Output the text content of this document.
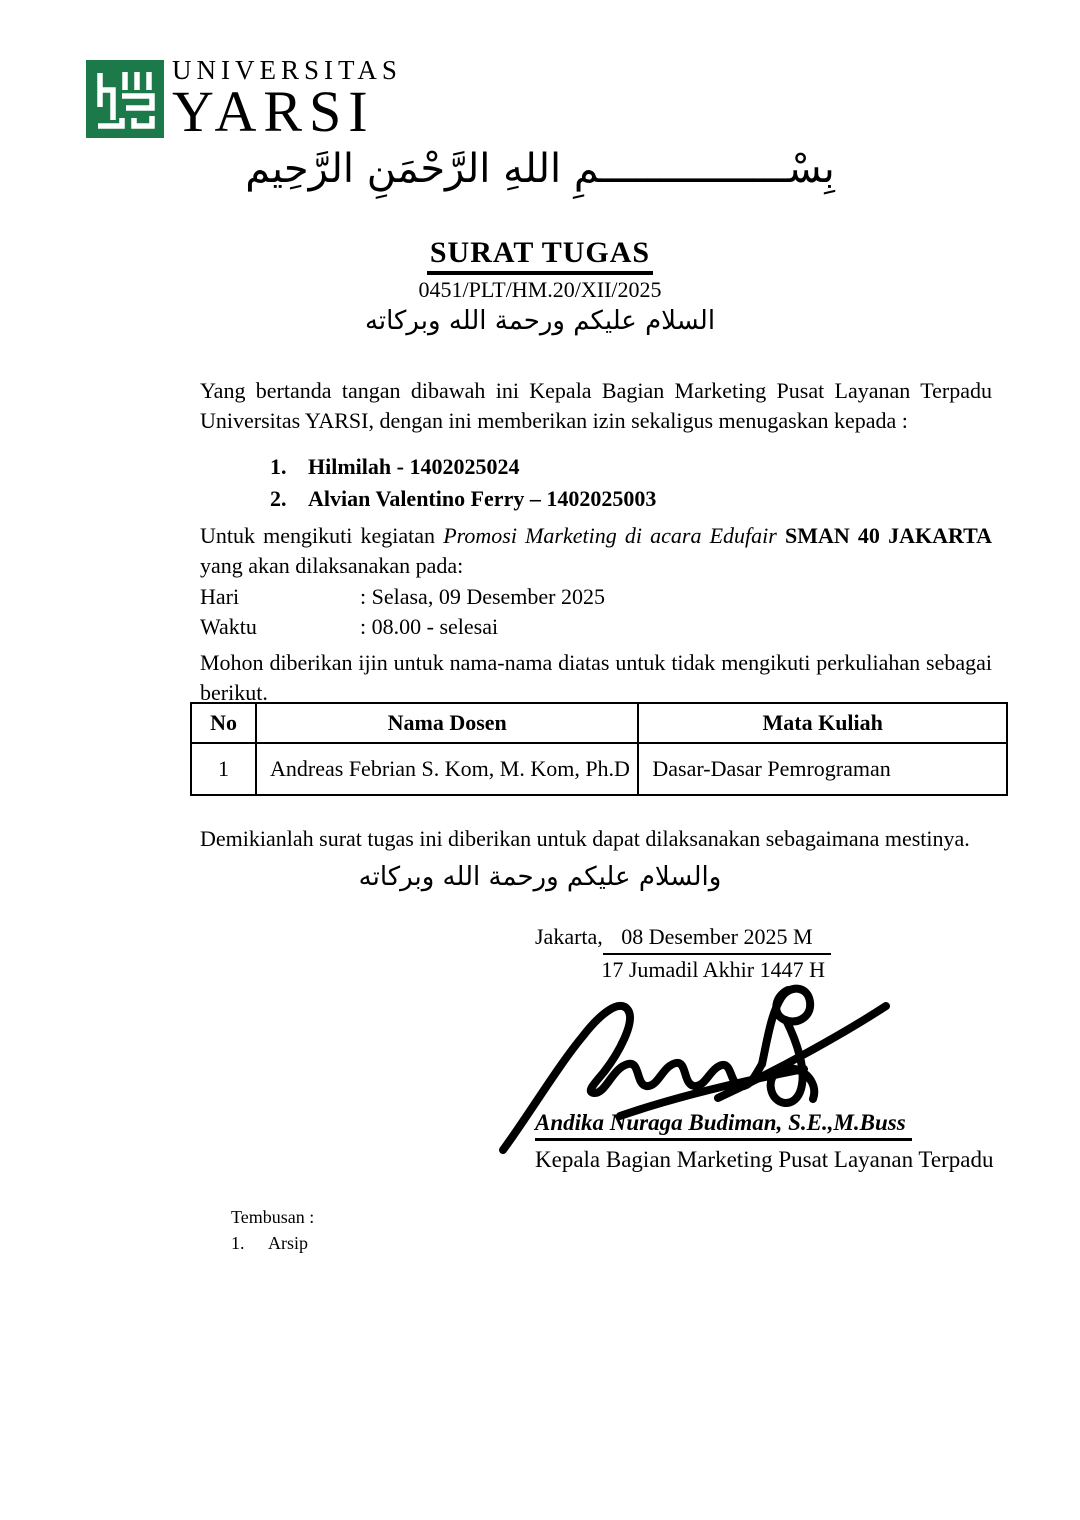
UNIVERSITAS
YARSI
بِسْــــــــــــــــمِ اللهِ الرَّحْمَنِ الرَّحِيم
SURAT TUGAS
0451/PLT/HM.20/XII/2025
السلام عليكم ورحمة الله وبركاته
Yang bertanda tangan dibawah ini Kepala Bagian Marketing Pusat Layanan Terpadu Universitas YARSI, dengan ini memberikan izin sekaligus menugaskan kepada :
1. Hilmilah - 1402025024
2. Alvian Valentino Ferry – 1402025003
Untuk mengikuti kegiatan Promosi Marketing di acara Edufair SMAN 40 JAKARTA yang akan dilaksanakan pada:
Hari	: Selasa, 09 Desember 2025
Waktu	: 08.00 - selesai
Mohon diberikan ijin untuk nama-nama diatas untuk tidak mengikuti perkuliahan sebagai berikut.
No	Nama Dosen	Mata Kuliah
1	Andreas Febrian S. Kom, M. Kom, Ph.D	Dasar-Dasar Pemrograman
Demikianlah surat tugas ini diberikan untuk dapat dilaksanakan sebagaimana mestinya.
والسلام عليكم ورحمة الله وبركاته
Jakarta, 08 Desember 2025 M
17 Jumadil Akhir 1447 H
Andika Nuraga Budiman, S.E.,M.Buss
Kepala Bagian Marketing Pusat Layanan Terpadu
Tembusan :
1.	Arsip
